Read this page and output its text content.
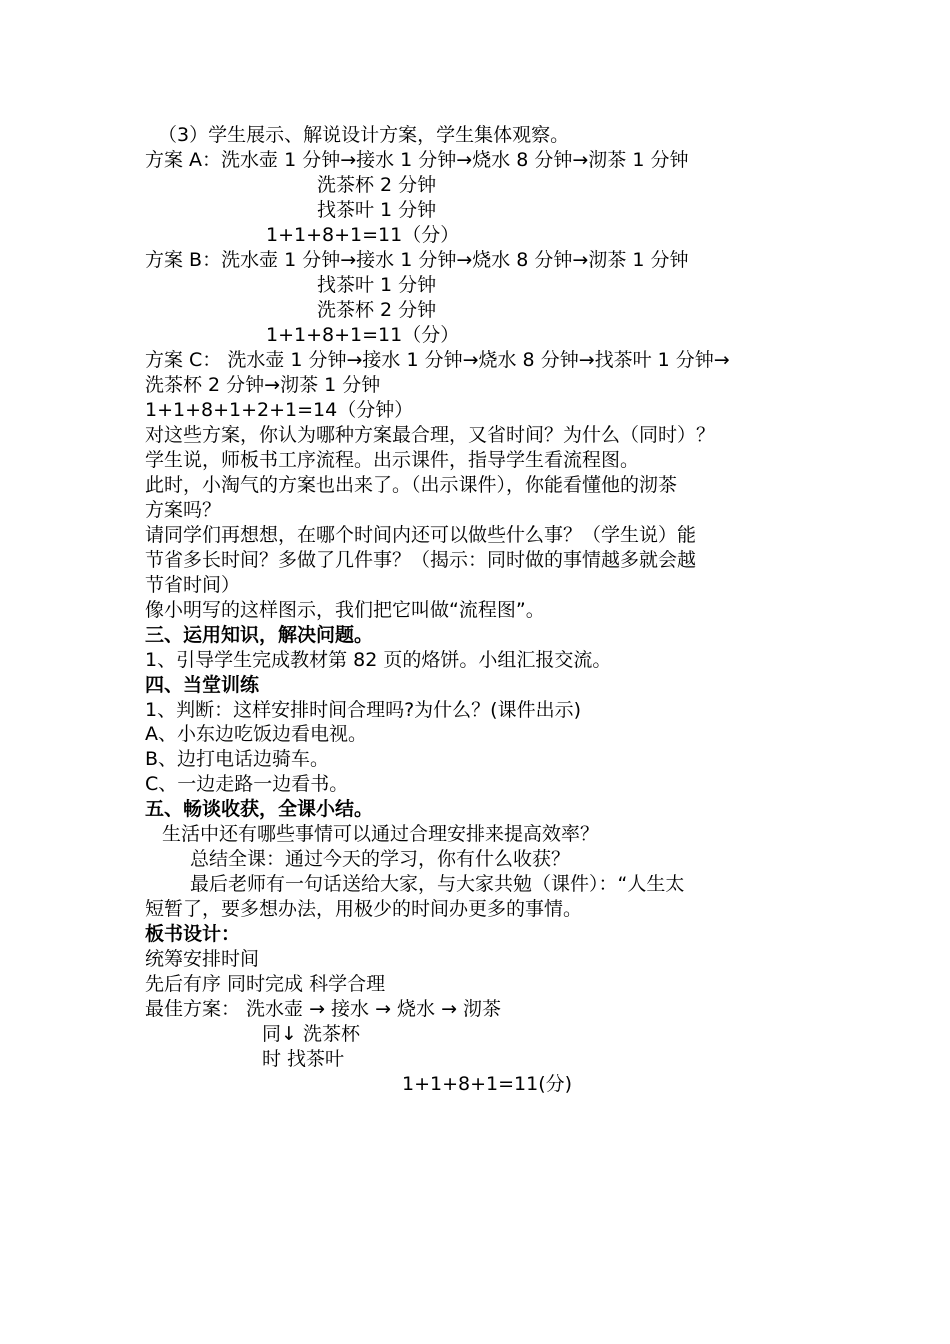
（3）学生展示、解说设计方案，学生集体观察。
方案 A：洗水壶 1 分钟→接水 1 分钟→烧水 8 分钟→沏茶 1 分钟
洗茶杯 2 分钟
找茶叶 1 分钟
1+1+8+1=11（分）
方案 B：洗水壶 1 分钟→接水 1 分钟→烧水 8 分钟→沏茶 1 分钟
找茶叶 1 分钟
洗茶杯 2 分钟
1+1+8+1=11（分）
方案 C： 洗水壶 1 分钟→接水 1 分钟→烧水 8 分钟→找茶叶 1 分钟→
洗茶杯 2 分钟→沏茶 1 分钟
1+1+8+1+2+1=14（分钟）
对这些方案，你认为哪种方案最合理，又省时间？为什么（同时）？
学生说，师板书工序流程。出示课件，指导学生看流程图。
此时，小淘气的方案也出来了。（出示课件），你能看懂他的沏茶
方案吗？
请同学们再想想，在哪个时间内还可以做些什么事？（学生说）能
节省多长时间？多做了几件事？（揭示：同时做的事情越多就会越
节省时间）
像小明写的这样图示，我们把它叫做“流程图”。
三、运用知识，解决问题。
1、引导学生完成教材第 82 页的烙饼。小组汇报交流。
四、当堂训练
1、判断：这样安排时间合理吗?为什么？(课件出示)
A、小东边吃饭边看电视。
B、边打电话边骑车。
C、一边走路一边看书。
五、畅谈收获，全课小结。
生活中还有哪些事情可以通过合理安排来提高效率？
总结全课：通过今天的学习，你有什么收获？
最后老师有一句话送给大家，与大家共勉（课件）：“人生太
短暂了，要多想办法，用极少的时间办更多的事情。
板书设计：
统筹安排时间
先后有序 同时完成 科学合理
最佳方案： 洗水壶 → 接水 → 烧水 → 沏茶
同↓ 洗茶杯
时 找茶叶
1+1+8+1=11(分)
